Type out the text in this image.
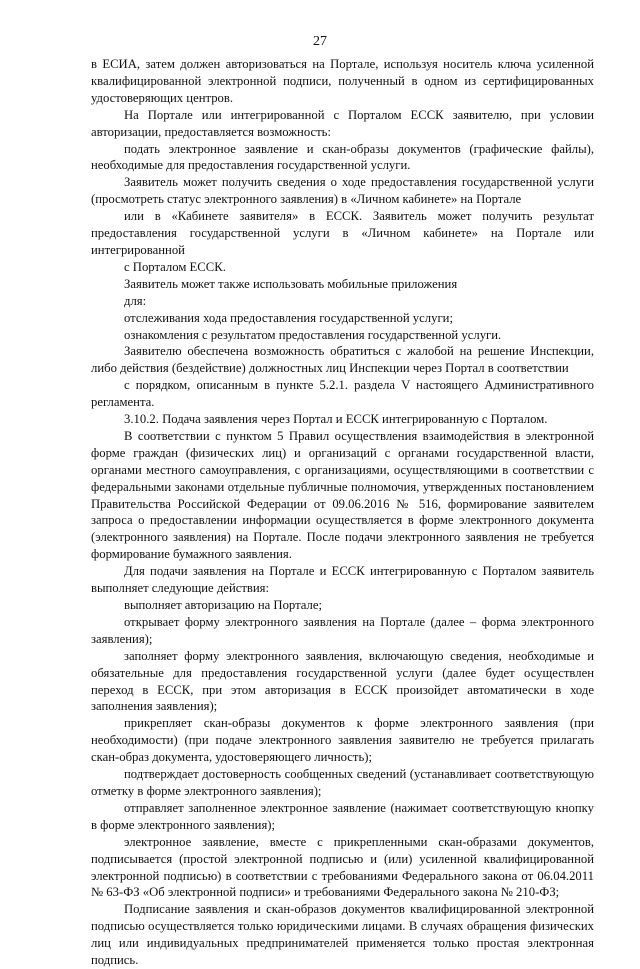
27

в ЕСИА, затем должен авторизоваться на Портале, используя носитель ключа усиленной квалифицированной электронной подписи, полученный в одном из сертифицированных удостоверяющих центров.

На Портале или интегрированной с Порталом ЕССК заявителю, при условии авторизации, предоставляется возможность:

подать электронное заявление и скан-образы документов (графические файлы), необходимые для предоставления государственной услуги.

Заявитель может получить сведения о ходе предоставления государственной услуги (просмотреть статус электронного заявления) в «Личном кабинете» на Портале

или в «Кабинете заявителя» в ЕССК. Заявитель может получить результат предоставления государственной услуги в «Личном кабинете» на Портале или интегрированной

с Порталом ЕССК.

Заявитель может также использовать мобильные приложения

для:

отслеживания хода предоставления государственной услуги;

ознакомления с результатом предоставления государственной услуги.

Заявителю обеспечена возможность обратиться с жалобой на решение Инспекции, либо действия (бездействие) должностных лиц Инспекции через Портал в соответствии

с порядком, описанным в пункте 5.2.1. раздела V настоящего Административного регламента.

3.10.2. Подача заявления через Портал и ЕССК интегрированную с Порталом.

В соответствии с пунктом 5 Правил осуществления взаимодействия в электронной форме граждан (физических лиц) и организаций с органами государственной власти, органами местного самоуправления, с организациями, осуществляющими в соответствии с федеральными законами отдельные публичные полномочия, утвержденных постановлением Правительства Российской Федерации от 09.06.2016 № 516, формирование заявителем запроса о предоставлении информации осуществляется в форме электронного документа (электронного заявления) на Портале. После подачи электронного заявления не требуется формирование бумажного заявления.

Для подачи заявления на Портале и ЕССК интегрированную с Порталом заявитель выполняет следующие действия:

выполняет авторизацию на Портале;

открывает форму электронного заявления на Портале (далее – форма электронного заявления);

заполняет форму электронного заявления, включающую сведения, необходимые и обязательные для предоставления государственной услуги (далее будет осуществлен переход в ЕССК, при этом авторизация в ЕССК произойдет автоматически в ходе заполнения заявления);

прикрепляет скан-образы документов к форме электронного заявления (при необходимости) (при подаче электронного заявления заявителю не требуется прилагать скан-образ документа, удостоверяющего личность);

подтверждает достоверность сообщенных сведений (устанавливает соответствующую отметку в форме электронного заявления);

отправляет заполненное электронное заявление (нажимает соответствующую кнопку в форме электронного заявления);

электронное заявление, вместе с прикрепленными скан-образами документов, подписывается (простой электронной подписью и (или) усиленной квалифицированной электронной подписью) в соответствии с требованиями Федерального закона от 06.04.2011 № 63-ФЗ «Об электронной подписи» и требованиями Федерального закона № 210-ФЗ;

Подписание заявления и скан-образов документов квалифицированной электронной подписью осуществляется только юридическими лицами. В случаях обращения физических лиц или индивидуальных предпринимателей применяется только простая электронная подпись.
